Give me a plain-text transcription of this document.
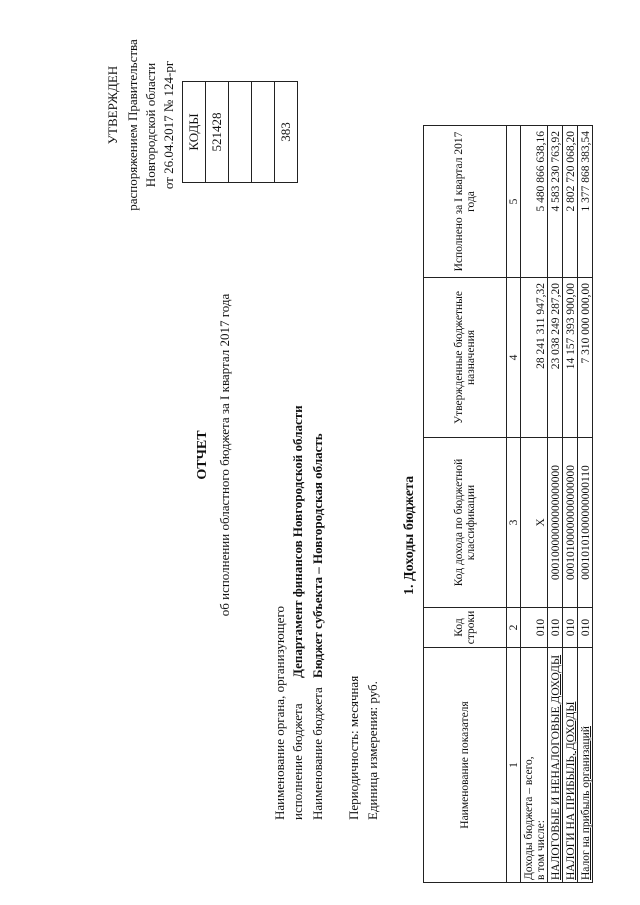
УТВЕРЖДЕН распоряжением Правительства Новгородской области от 26.04.2017 № 124-рг
ОТЧЕТ об исполнении областного бюджета за I квартал 2017 года
КОДЫ
521428

383
Наименование органа, организующего исполнение бюджета
Департамент финансов Новгородской области
Наименование бюджета
Бюджет субъекта – Новгородская область
Периодичность: месячная Единица измерения: руб.
1. Доходы бюджета
Наименование показателя	Код строки	Код дохода по бюджетной классификации	Утвержденные бюджетные назначения	Исполнено за I квартал 2017 года
1	2	3	4	5

Доходы бюджета – всего, в том числе:	010	X	28 241 311 947,32	5 480 866 638,16
НАЛОГОВЫЕ И НЕНАЛОГОВЫЕ ДОХОДЫ	010	00010000000000000000	23 038 249 287,20	4 583 230 763,92
НАЛОГИ НА ПРИБЫЛЬ, ДОХОДЫ	010	00010100000000000000	14 157 393 900,00	2 802 720 068,20
Налог на прибыль организаций	010	00010101000000000110	7 310 000 000,00	1 377 868 383,54
